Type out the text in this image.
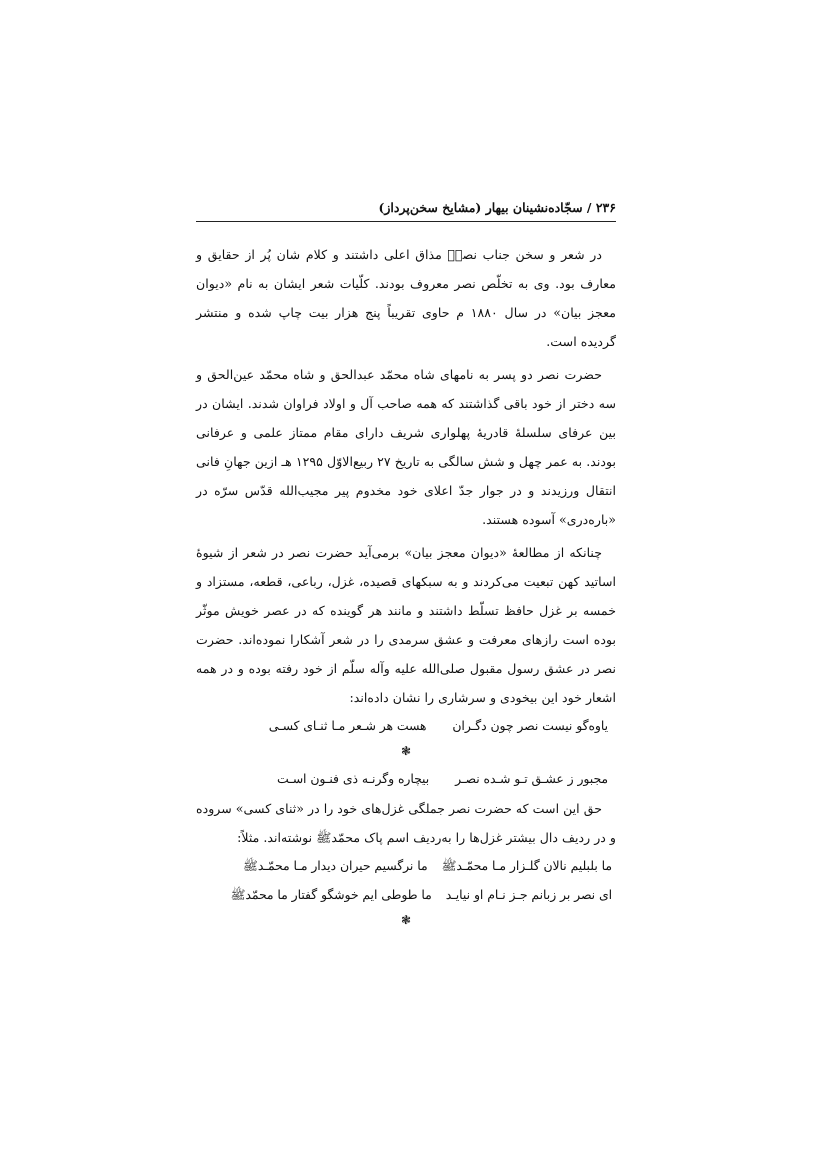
۲۳۶ / سجّاده‌نشینان بیهار (مشایخ سخن‌پرداز)

در شعر و سخن جناب نصرؒ مذاق اعلی داشتند و کلام شان پُر از حقایق و معارف بود. وی به تخلّص نصر معروف بودند. کلّیات شعر ایشان به نام «دیوان معجز بیان» در سال ۱۸۸۰ م حاوی تقریباً پنج هزار بیت چاپ شده و منتشر گردیده است.

حضرت نصر دو پسر به نامهای شاه محمّد عبدالحق و شاه محمّد عین‌الحق و سه دختر از خود باقی گذاشتند که همه صاحب آل و اولاد فراوان شدند. ایشان در بین عرفای سلسلهٔ قادریهٔ پهلواری شریف دارای مقام ممتاز علمی و عرفانی بودند. به عمر چهل و شش سالگی به تاریخ ۲۷ ربیع‌الاوّل ۱۲۹۵ هـ ازین جهانِ فانی انتقال ورزیدند و در جوار جدّ اعلای خود مخدوم پیر مجیب‌الله قدّس سرّه در «باره‌دری» آسوده هستند.

چنانکه از مطالعهٔ «دیوان معجز بیان» برمی‌آید حضرت نصر در شعر از شیوهٔ اساتید کهن تبعیت می‌کردند و به سبکهای قصیده، غزل، رباعی، قطعه، مستزاد و خمسه بر غزل حافظ تسلّط داشتند و مانند هر گوینده که در عصر خویش موثّر بوده است رازهای معرفت و عشق سرمدی را در شعر آشکارا نموده‌اند. حضرت نصر در عشق رسول مقبول صلی‌الله علیه وآله سلّم از خود رفته بوده و در همه اشعار خود این بیخودی و سرشاری را نشان داده‌اند:

یاوه‌گو نیست نصر چون دگـران
هست هر شـعر مـا ثنـای کسـی
❃
مجبور ز عشـق تـو شـده نصـر
بیچاره وگرنـه ذی فنـون اسـت

حق این است که حضرت نصر جملگی غزل‌های خود را در «ثنای کسی» سروده و در ردیف دال بیشتر غزل‌ها را به‌ردیف اسم پاک محمّدﷺ نوشته‌اند. مثلاً:

ما بلبلیم نالان گلـزار مـا محمّـدﷺ
ما نرگسیم حیران دیدار مـا محمّـدﷺ
ای نصر بر زبانم جـز نـام او نیایـد
ما طوطی ایم خوشگو گفتار ما محمّدﷺ
❃
